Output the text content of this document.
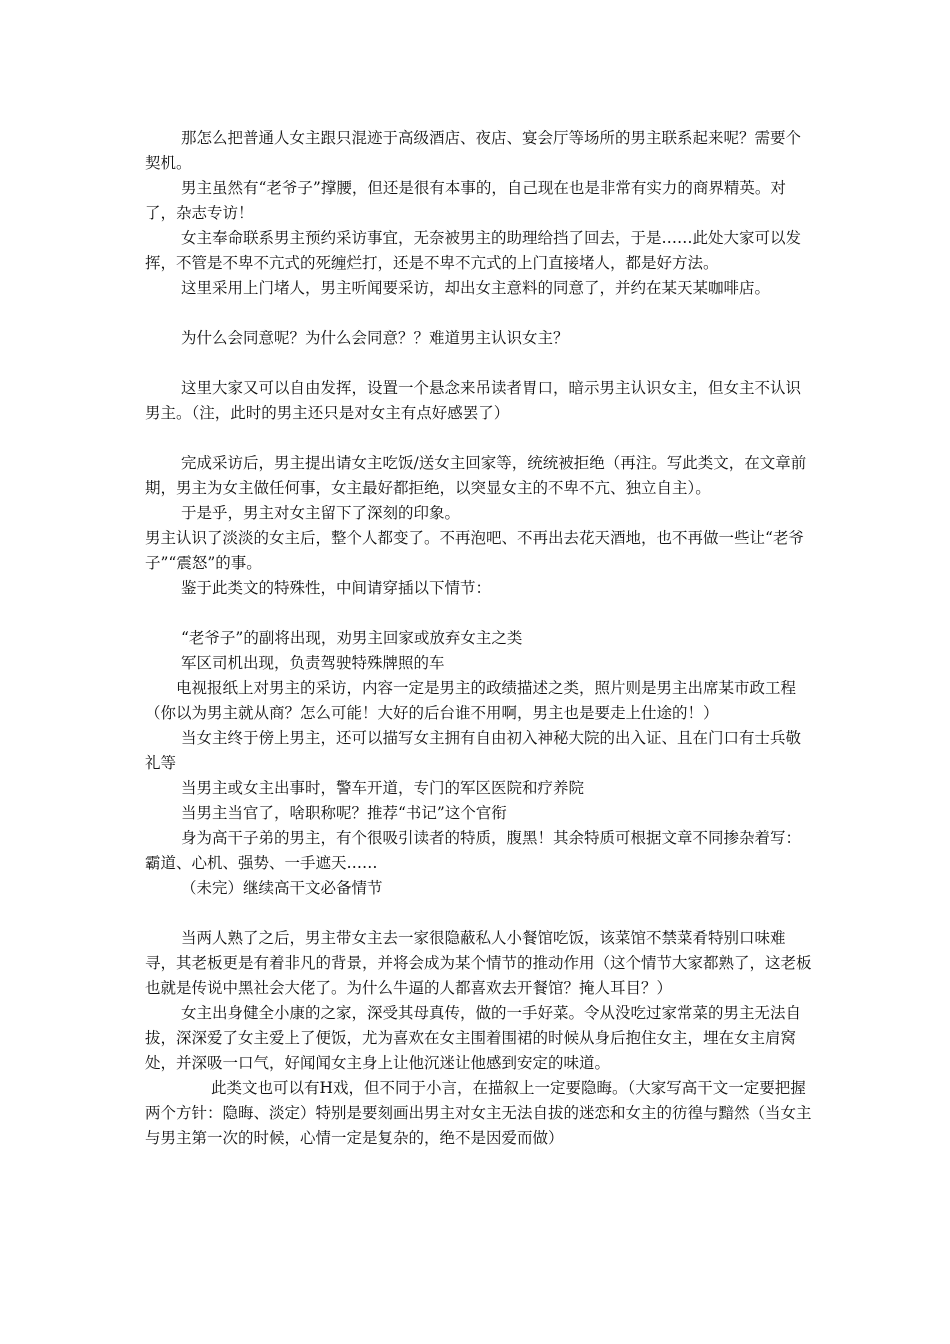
那怎么把普通人女主跟只混迹于高级酒店、夜店、宴会厅等场所的男主联系起来呢？需要个契机。

男主虽然有“老爷子”撑腰，但还是很有本事的，自己现在也是非常有实力的商界精英。对了，杂志专访！

女主奉命联系男主预约采访事宜，无奈被男主的助理给挡了回去，于是……此处大家可以发挥，不管是不卑不亢式的死缠烂打，还是不卑不亢式的上门直接堵人，都是好方法。

这里采用上门堵人，男主听闻要采访，却出女主意料的同意了，并约在某天某咖啡店。

为什么会同意呢？为什么会同意？？难道男主认识女主？

这里大家又可以自由发挥，设置一个悬念来吊读者胃口，暗示男主认识女主，但女主不认识男主。（注，此时的男主还只是对女主有点好感罢了）

完成采访后，男主提出请女主吃饭/送女主回家等，统统被拒绝（再注。写此类文，在文章前期，男主为女主做任何事，女主最好都拒绝，以突显女主的不卑不亢、独立自主）。

于是乎，男主对女主留下了深刻的印象。

男主认识了淡淡的女主后，整个人都变了。不再泡吧、不再出去花天酒地，也不再做一些让“老爷子”“震怒”的事。

鉴于此类文的特殊性，中间请穿插以下情节：

“老爷子”的副将出现，劝男主回家或放弃女主之类

军区司机出现，负责驾驶特殊牌照的车

电视报纸上对男主的采访，内容一定是男主的政绩描述之类，照片则是男主出席某市政工程（你以为男主就从商？怎么可能！大好的后台谁不用啊，男主也是要走上仕途的！）

当女主终于傍上男主，还可以描写女主拥有自由初入神秘大院的出入证、且在门口有士兵敬礼等

当男主或女主出事时，警车开道，专门的军区医院和疗养院

当男主当官了，啥职称呢？推荐“书记”这个官衔

身为高干子弟的男主，有个很吸引读者的特质，腹黑！其余特质可根据文章不同掺杂着写：霸道、心机、强势、一手遮天……

（未完）继续高干文必备情节

当两人熟了之后，男主带女主去一家很隐蔽私人小餐馆吃饭，该菜馆不禁菜肴特别口味难寻，其老板更是有着非凡的背景，并将会成为某个情节的推动作用（这个情节大家都熟了，这老板也就是传说中黑社会大佬了。为什么牛逼的人都喜欢去开餐馆？掩人耳目？）

女主出身健全小康的之家，深受其母真传，做的一手好菜。令从没吃过家常菜的男主无法自拔，深深爱了女主爱上了便饭，尤为喜欢在女主围着围裙的时候从身后抱住女主，埋在女主肩窝处，并深吸一口气，好闻闻女主身上让他沉迷让他感到安定的味道。

此类文也可以有H戏，但不同于小言，在描叙上一定要隐晦。（大家写高干文一定要把握两个方针：隐晦、淡定）特别是要刻画出男主对女主无法自拔的迷恋和女主的彷徨与黯然（当女主与男主第一次的时候，心情一定是复杂的，绝不是因爱而做）
